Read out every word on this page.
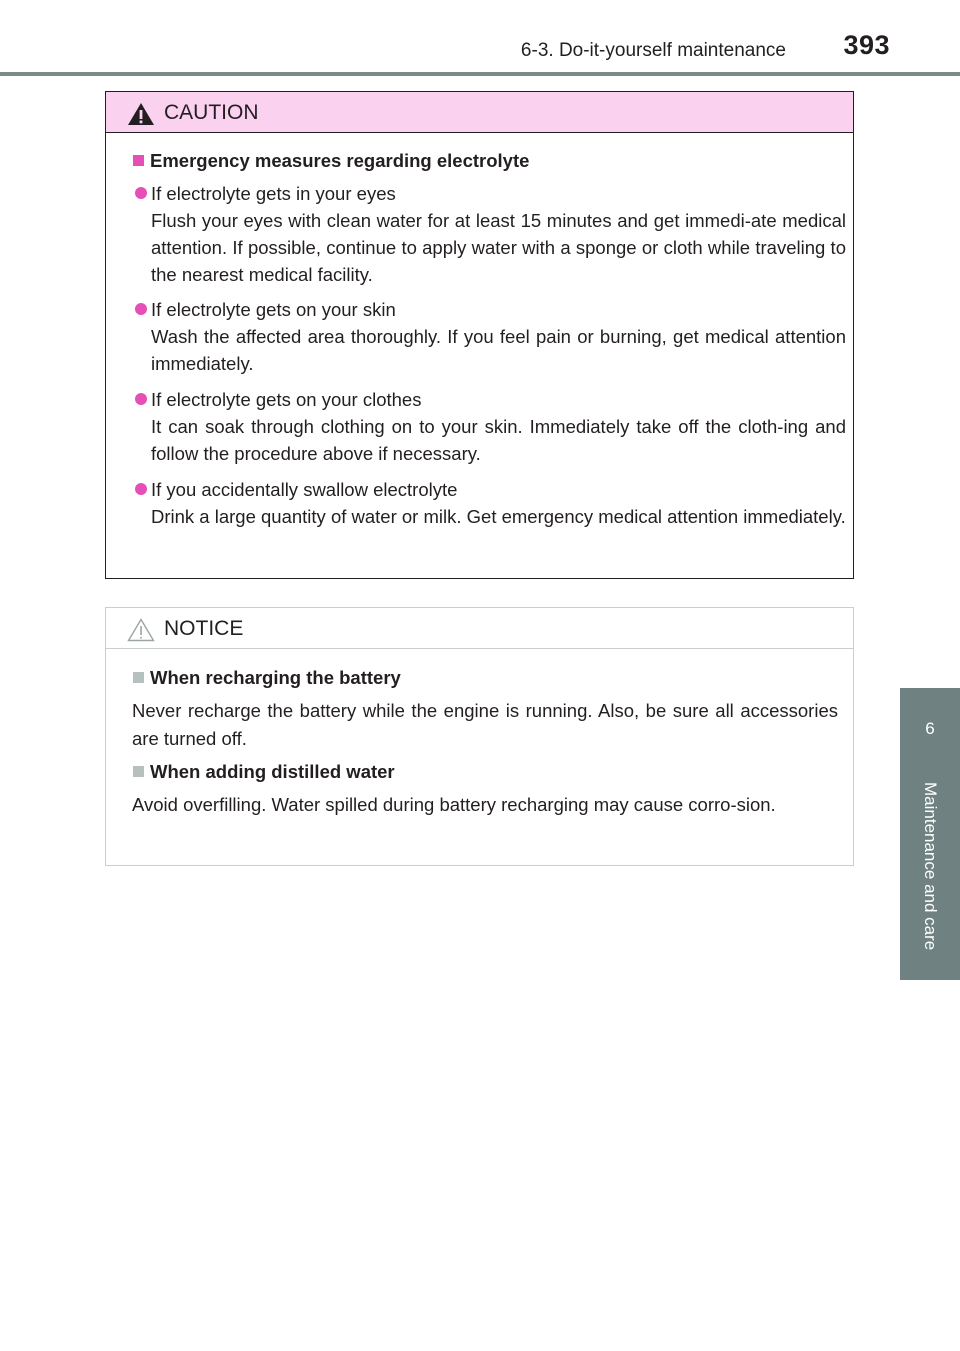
6-3. Do-it-yourself maintenance	393
6
Maintenance and care
CAUTION
Emergency measures regarding electrolyte
If electrolyte gets in your eyes
Flush your eyes with clean water for at least 15 minutes and get immedi-ate medical attention. If possible, continue to apply water with a sponge or cloth while traveling to the nearest medical facility.
If electrolyte gets on your skin
Wash the affected area thoroughly. If you feel pain or burning, get medical attention immediately.
If electrolyte gets on your clothes
It can soak through clothing on to your skin. Immediately take off the cloth-ing and follow the procedure above if necessary.
If you accidentally swallow electrolyte
Drink a large quantity of water or milk. Get emergency medical attention immediately.
NOTICE
When recharging the battery
Never recharge the battery while the engine is running. Also, be sure all accessories are turned off.
When adding distilled water
Avoid overfilling. Water spilled during battery recharging may cause corro-sion.
